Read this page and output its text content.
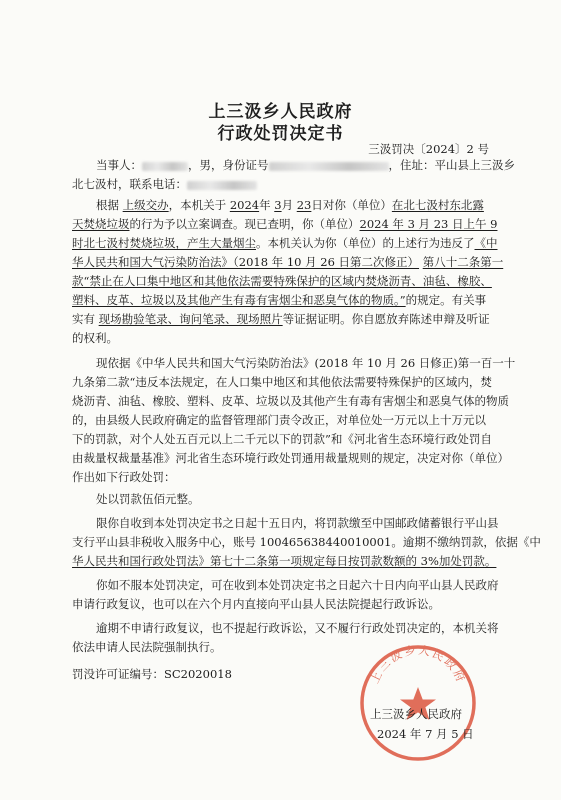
上三汲乡人民政府
行政处罚决定书
三汲罚决〔2024〕2 号
当事人：	，男，身份证号	，住址：平山县上三汲乡
北七汲村，联系电话：
根据 上级交办，本机关于 2024年 3月 23日对你（单位）在北七汲村东北露
天焚烧垃圾的行为予以立案调查。现已查明，你（单位）2024 年 3 月 23 日上午 9
时北七汲村焚烧垃圾，产生大量烟尘。本机关认为你（单位）的上述行为违反了《中
华人民共和国大气污染防治法》（2018 年 10 月 26 日第二次修正） 第八十二条第一
款“禁止在人口集中地区和其他依法需要特殊保护的区域内焚烧沥青、油毡、橡胶、
塑料、皮革、垃圾以及其他产生有毒有害烟尘和恶臭气体的物质。”的规定。有关事
实有 现场勘验笔录、询问笔录、现场照片等证据证明。你自愿放弃陈述申辩及听证
的权利。
现依据《中华人民共和国大气污染防治法》(2018 年 10 月 26 日修正)第一百一十
九条第二款“违反本法规定，在人口集中地区和其他依法需要特殊保护的区域内，焚
烧沥青、油毡、橡胶、塑料、皮革、垃圾以及其他产生有毒有害烟尘和恶臭气体的物质
的，由县级人民政府确定的监督管理部门责令改正，对单位处一万元以上十万元以
下的罚款，对个人处五百元以上二千元以下的罚款”和《河北省生态环境行政处罚自
由裁量权裁量基准》河北省生态环境行政处罚通用裁量规则的规定，决定对你（单位）
作出如下行政处罚：
处以罚款伍佰元整。
限你自收到本处罚决定书之日起十五日内，将罚款缴至中国邮政储蓄银行平山县
支行平山县非税收入服务中心，账号 100465638440010001。逾期不缴纳罚款，依据《中
华人民共和国行政处罚法》第七十二条第一项规定每日按罚款数额的 3%加处罚款。
你如不服本处罚决定，可在收到本处罚决定书之日起六十日内向平山县人民政府
申请行政复议，也可以在六个月内直接向平山县人民法院提起行政诉讼。
逾期不申请行政复议，也不提起行政诉讼，又不履行行政处罚决定的，本机关将
依法申请人民法院强制执行。
罚没许可证编号：SC2020018	上三汲乡人民政府
上三汲乡人民政府
2024 年 7 月 5 日
